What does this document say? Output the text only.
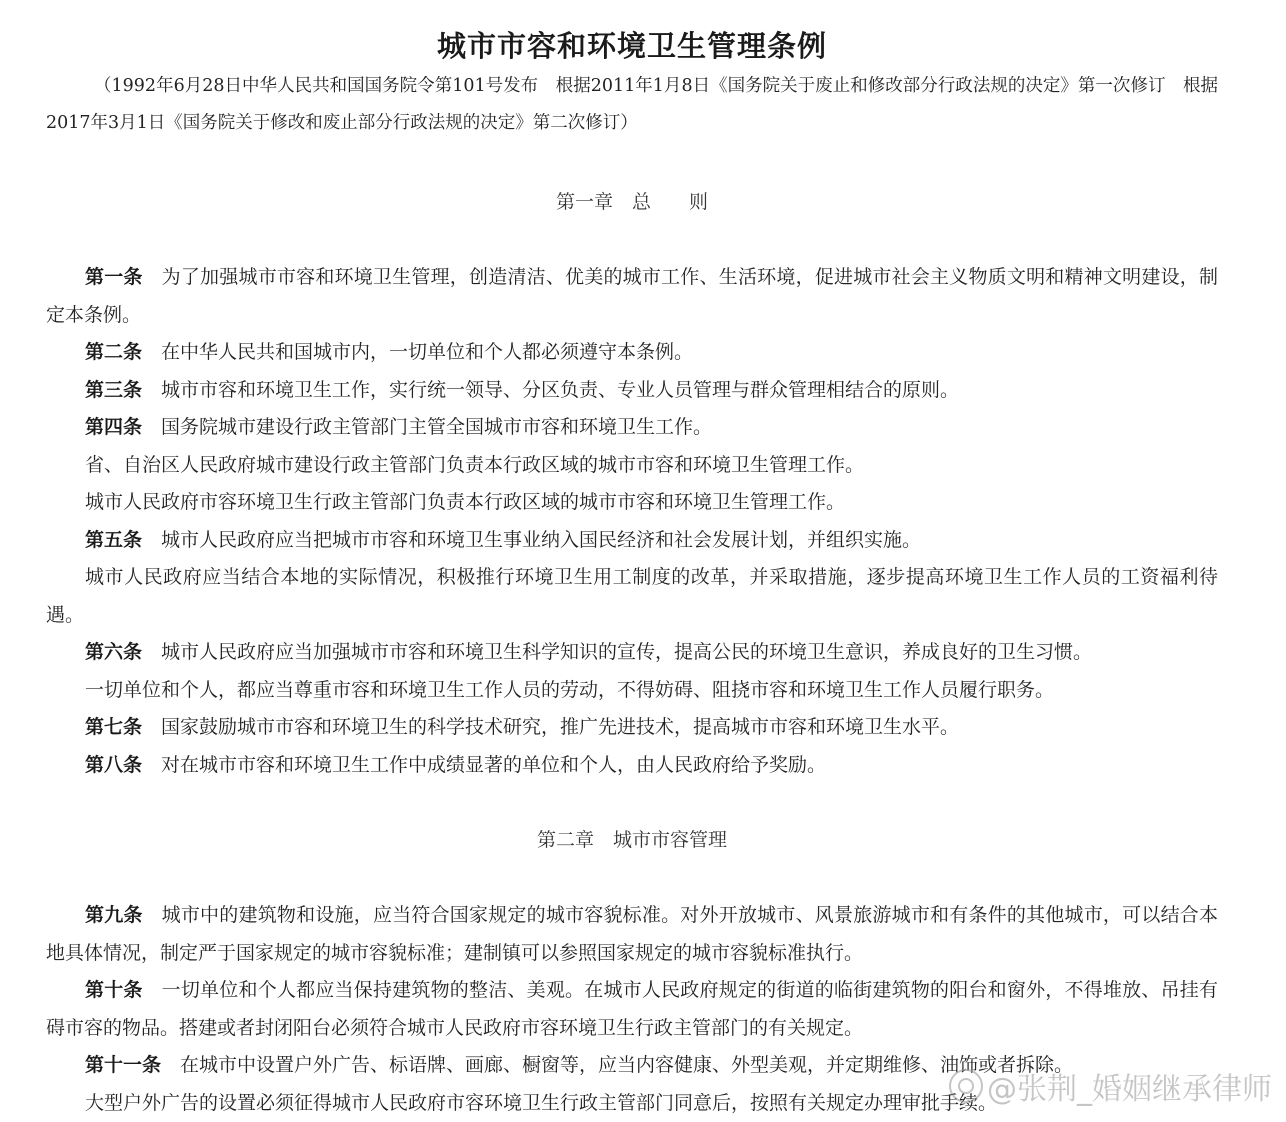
城市市容和环境卫生管理条例

（1992年6月28日中华人民共和国国务院令第101号发布　根据2011年1月8日《国务院关于废止和修改部分行政法规的决定》第一次修订　根据2017年3月1日《国务院关于修改和废止部分行政法规的决定》第二次修订）

第一章　总　　则

第一条 为了加强城市市容和环境卫生管理，创造清洁、优美的城市工作、生活环境，促进城市社会主义物质文明和精神文明建设，制定本条例。

第二条 在中华人民共和国城市内，一切单位和个人都必须遵守本条例。

第三条 城市市容和环境卫生工作，实行统一领导、分区负责、专业人员管理与群众管理相结合的原则。

第四条 国务院城市建设行政主管部门主管全国城市市容和环境卫生工作。

省、自治区人民政府城市建设行政主管部门负责本行政区域的城市市容和环境卫生管理工作。

城市人民政府市容环境卫生行政主管部门负责本行政区域的城市市容和环境卫生管理工作。

第五条 城市人民政府应当把城市市容和环境卫生事业纳入国民经济和社会发展计划，并组织实施。

城市人民政府应当结合本地的实际情况，积极推行环境卫生用工制度的改革，并采取措施，逐步提高环境卫生工作人员的工资福利待遇。

第六条 城市人民政府应当加强城市市容和环境卫生科学知识的宣传，提高公民的环境卫生意识，养成良好的卫生习惯。

一切单位和个人，都应当尊重市容和环境卫生工作人员的劳动，不得妨碍、阻挠市容和环境卫生工作人员履行职务。

第七条 国家鼓励城市市容和环境卫生的科学技术研究，推广先进技术，提高城市市容和环境卫生水平。

第八条 对在城市市容和环境卫生工作中成绩显著的单位和个人，由人民政府给予奖励。

第二章　城市市容管理

第九条 城市中的建筑物和设施，应当符合国家规定的城市容貌标准。对外开放城市、风景旅游城市和有条件的其他城市，可以结合本地具体情况，制定严于国家规定的城市容貌标准；建制镇可以参照国家规定的城市容貌标准执行。

第十条 一切单位和个人都应当保持建筑物的整洁、美观。在城市人民政府规定的街道的临街建筑物的阳台和窗外，不得堆放、吊挂有碍市容的物品。搭建或者封闭阳台必须符合城市人民政府市容环境卫生行政主管部门的有关规定。

第十一条 在城市中设置户外广告、标语牌、画廊、橱窗等，应当内容健康、外型美观，并定期维修、油饰或者拆除。

大型户外广告的设置必须征得城市人民政府市容环境卫生行政主管部门同意后，按照有关规定办理审批手续。

@张荆_婚姻继承律师
